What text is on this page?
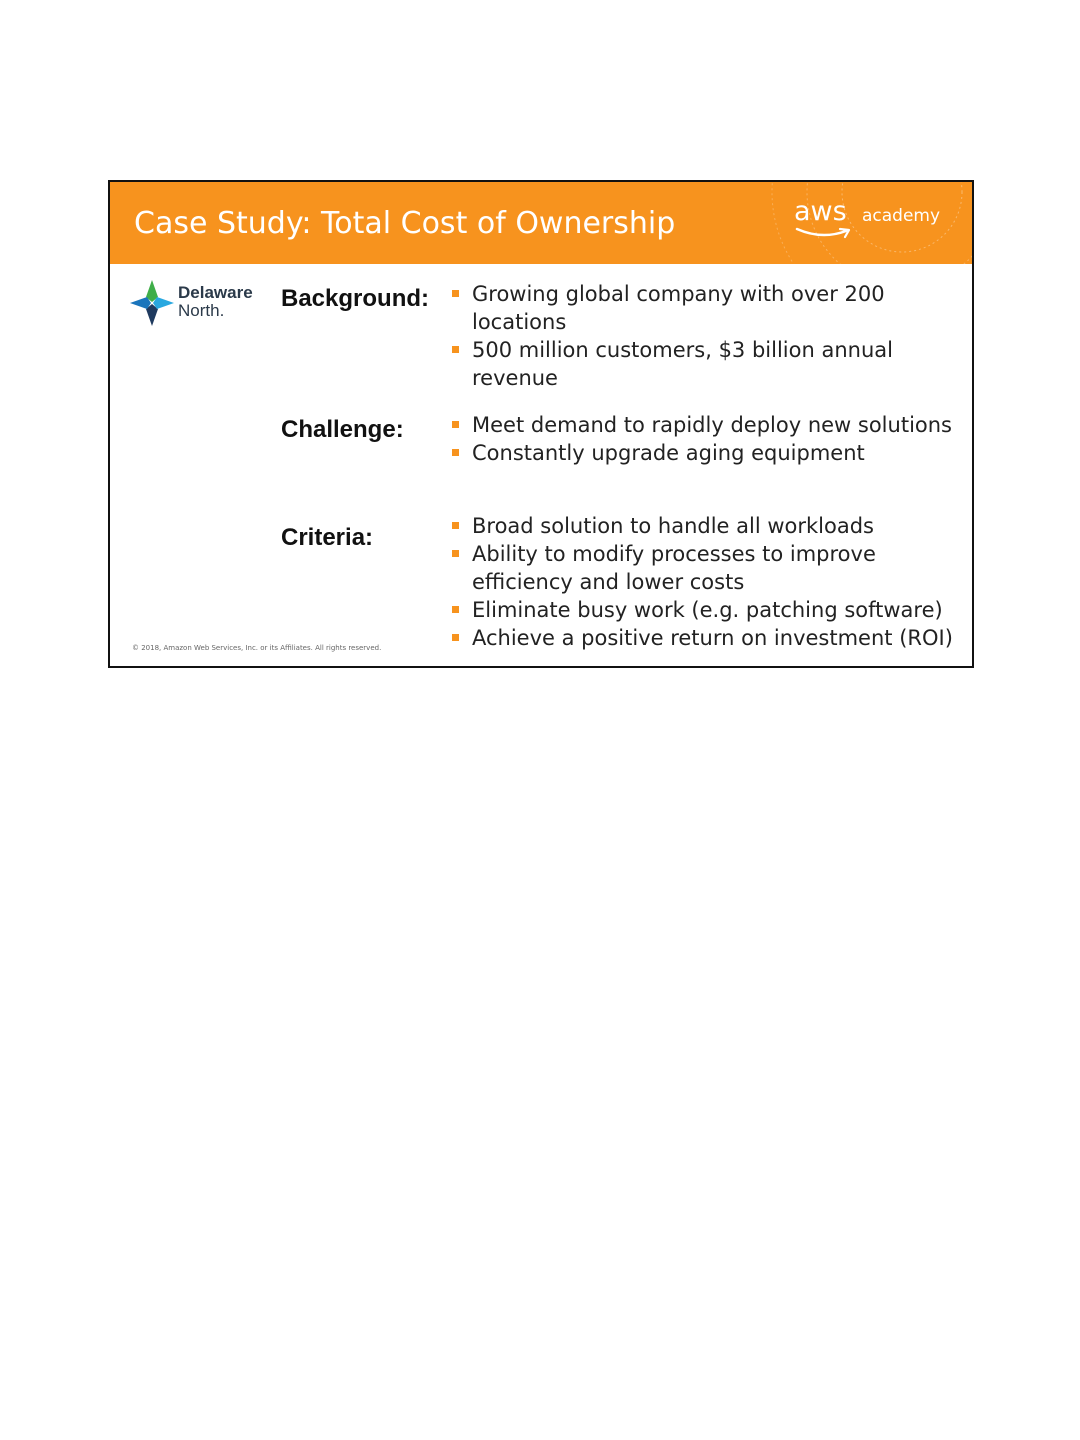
Case Study: Total Cost of Ownership	aws academy
Delaware
North.	Background:	Growing global company with over 200 locations
500 million customers, $3 billion annual revenue
Challenge:	Meet demand to rapidly deploy new solutions
Constantly upgrade aging equipment
Criteria:	Broad solution to handle all workloads
Ability to modify processes to improve efficiency and lower costs
Eliminate busy work (e.g. patching software)
Achieve a positive return on investment (ROI)
© 2018, Amazon Web Services, Inc. or its Affiliates. All rights reserved.
